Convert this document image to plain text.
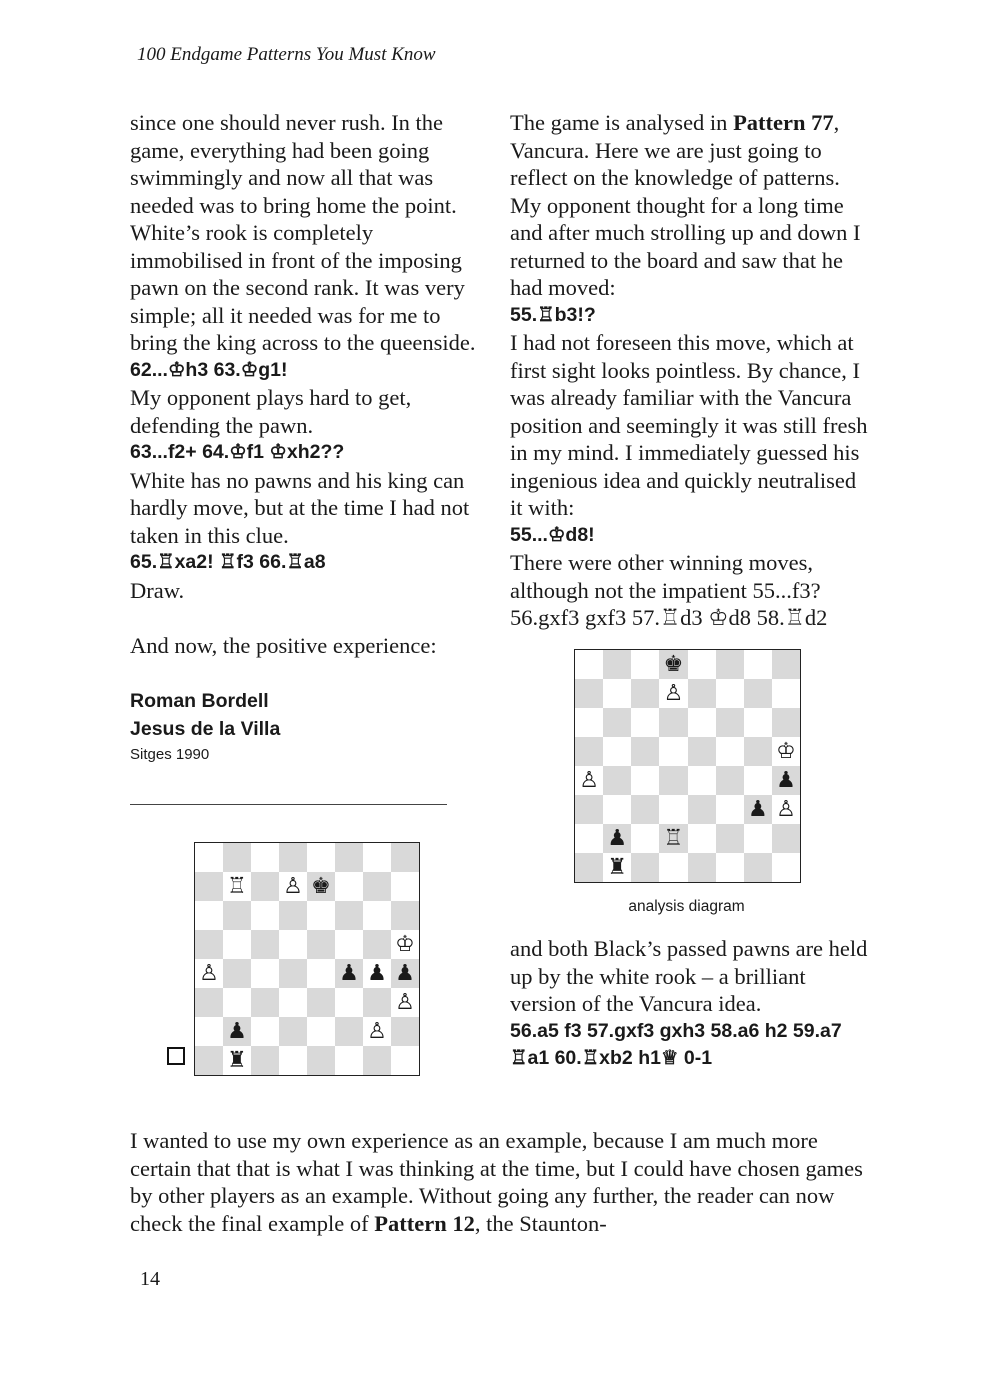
100 Endgame Patterns You Must Know

since one should never rush. In the game, everything had been going swimmingly and now all that was needed was to bring home the point. White’s rook is completely immobilised in front of the imposing pawn on the second rank. It was very simple; all it needed was for me to bring the king across to the queenside.

62...♔h3 63.♔g1!

My opponent plays hard to get, defending the pawn.

63...f2+ 64.♔f1 ♔xh2??

White has no pawns and his king can hardly move, but at the time I had not taken in this clue.

65.♖xa2! ♖f3 66.♖a8

Draw.

And now, the positive experience:

Roman Bordell
Jesus de la Villa
Sitges 1990
♖ ♙ ♚
♔
♙	♟ ♟ ♟
♙
♟	♙
♜

The game is analysed in Pattern 77, Vancura. Here we are just going to reflect on the knowledge of patterns. My opponent thought for a long time and after much strolling up and down I returned to the board and saw that he had moved:

55.♖b3!?

I had not foreseen this move, which at first sight looks pointless. By chance, I was already familiar with the Vancura position and seemingly it was still fresh in my mind. I immediately guessed his ingenious idea and quickly neutralised it with:

55...♔d8!

There were other winning moves, although not the impatient 55...f3? 56.gxf3 gxf3 57.♖d3 ♔d8 58.♖d2

♚
♙
♔
♙	♟
♟ ♙
♟ ♖
♜
analysis diagram

and both Black’s passed pawns are held up by the white rook – a brilliant version of the Vancura idea.

56.a5 f3 57.gxf3 gxh3 58.a6 h2 59.a7 ♖a1 60.♖xb2 h1♕ 0-1

I wanted to use my own experience as an example, because I am much more certain that that is what I was thinking at the time, but I could have chosen games by other players as an example. Without going any further, the reader can now check the final example of Pattern 12, the Staunton-

14
